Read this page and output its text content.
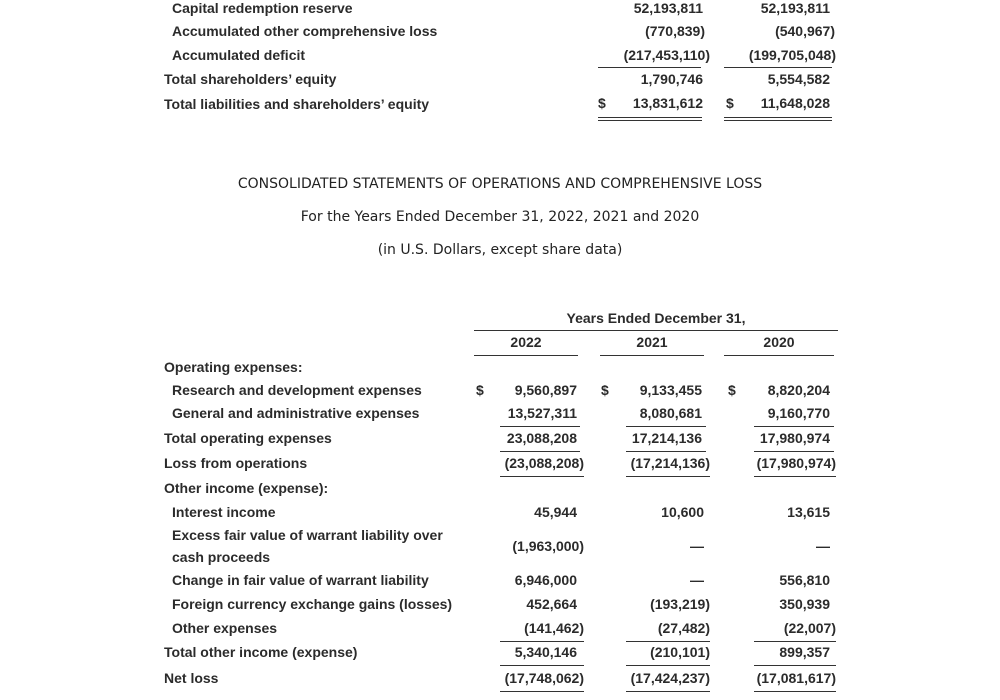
Capital redemption reserve	52,193,811	52,193,811
Accumulated other comprehensive loss	(770,839)	(540,967)
Accumulated deficit	(217,453,110)	(199,705,048)
Total shareholders’ equity	1,790,746	5,554,582
Total liabilities and shareholders’ equity	$	13,831,612 $	11,648,028
CONSOLIDATED STATEMENTS OF OPERATIONS AND COMPREHENSIVE LOSS
For the Years Ended December 31, 2022, 2021 and 2020
(in U.S. Dollars, except share data)
Years Ended December 31,
2022	2021	2020
Operating expenses:
Research and development expenses	$	9,560,897 $	9,133,455 $	8,820,204
General and administrative expenses	13,527,311	8,080,681	9,160,770
Total operating expenses	23,088,208	17,214,136	17,980,974
Loss from operations	(23,088,208)	(17,214,136)	(17,980,974)
Other income (expense):
Interest income	45,944	10,600	13,615
Excess fair value of warrant liability over
cash proceeds
(1,963,000)	—	—
Change in fair value of warrant liability	6,946,000	—	556,810
Foreign currency exchange gains (losses)	452,664	(193,219)	350,939
Other expenses	(141,462)	(27,482)	(22,007)
Total other income (expense)	5,340,146	(210,101)	899,357
Net loss	(17,748,062)	(17,424,237)	(17,081,617)
